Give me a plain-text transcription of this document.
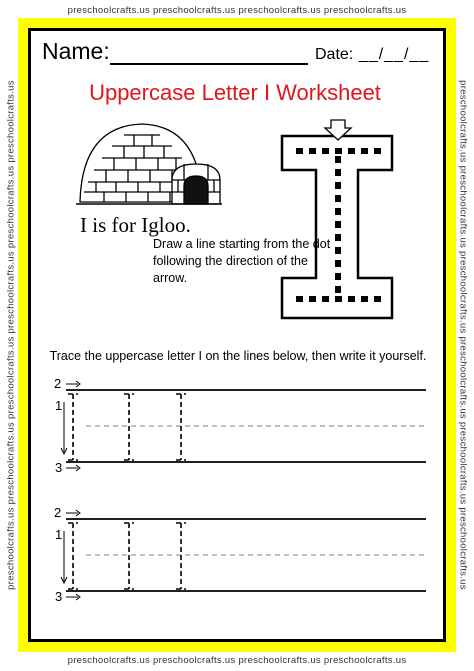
preschoolcrafts.us preschoolcrafts.us preschoolcrafts.us preschoolcrafts.us
preschoolcrafts.us preschoolcrafts.us preschoolcrafts.us preschoolcrafts.us
preschoolcrafts.us preschoolcrafts.us preschoolcrafts.us preschoolcrafts.us preschoolcrafts.us preschoolcrafts.us	preschoolcrafts.us preschoolcrafts.us preschoolcrafts.us preschoolcrafts.us preschoolcrafts.us preschoolcrafts.us
Name:	Date: __/__/__
Uppercase Letter I Worksheet
I is for Igloo.
Draw a line starting from the dot following the direction of the arrow.
Trace the uppercase letter I on the lines below, then write it yourself.
2
1
3
2
1
3
